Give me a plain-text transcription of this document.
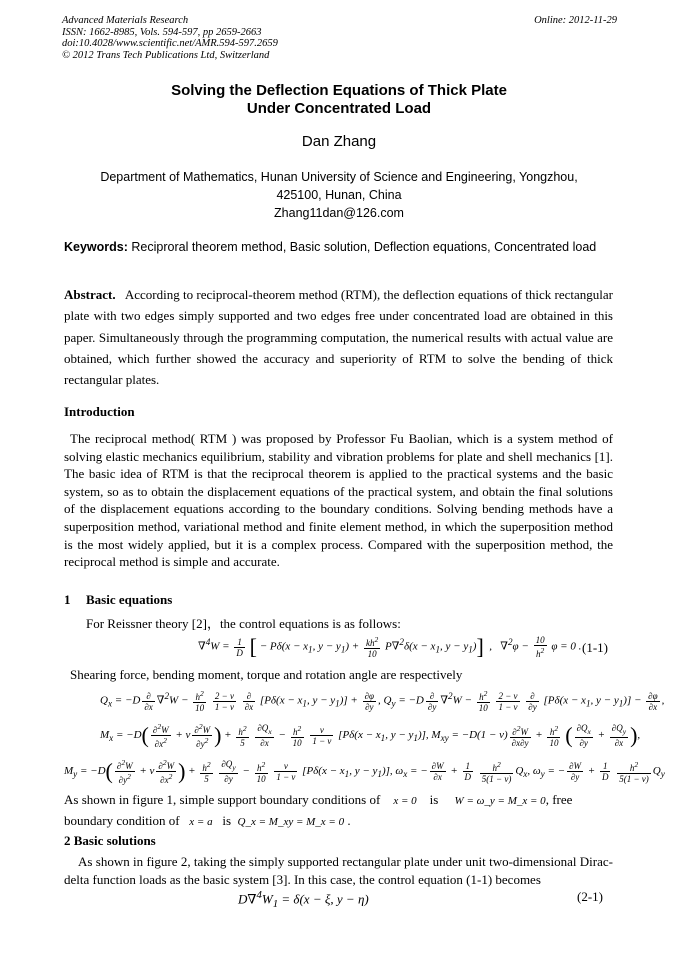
Advanced Materials Research
ISSN: 1662-8985, Vols. 594-597, pp 2659-2663
doi:10.4028/www.scientific.net/AMR.594-597.2659
© 2012 Trans Tech Publications Ltd, Switzerland
Online: 2012-11-29
Solving the Deflection Equations of Thick Plate
Under Concentrated Load
Dan Zhang
Department of Mathematics, Hunan University of Science and Engineering, Yongzhou,
425100, Hunan, China
Zhang11dan@126.com
Keywords: Reciproral theorem method, Basic solution, Deflection equations, Concentrated load
Abstract. According to reciprocal-theorem method (RTM), the deflection equations of thick rectangular plate with two edges simply supported and two edges free under concentrated load are obtained in this paper. Simultaneously through the programming computation, the numerical results with actual value are obtained, which further showed the accuracy and superiority of RTM to solve the bending of thick rectangular plates.
Introduction
The reciprocal method( RTM ) was proposed by Professor Fu Baolian, which is a system method of solving elastic mechanics equilibrium, stability and vibration problems for plate and shell mechanics [1]. The basic idea of RTM is that the reciprocal theorem is applied to the practical systems and the basic system, so as to obtain the displacement equations of the practical system, and obtain the final solutions of the displacement equations according to the boundary conditions. Solving bending methods have a superposition method, variational method and finite element method, in which the superposition method is the most widely applied, but it is a complex process. Compared with the superposition method, the reciprocal method is simple and accurate.
1 Basic equations
For Reissner theory [2]，the control equations is as follows:
$\nabla^4W = \frac{1}{D}$ [ − $P\delta(x - x_1$, $y - y_1) + \frac{kh^2}{10} P\nabla^2\delta(x - x_1$, $y - y_1$)]  ,   $\nabla^2\varphi - \frac{10}{h^2}$ φ = 0 . (1-1)
Shearing force, bending moment, torque and rotation angle are respectively
$Q_x = -D \frac{\partial}{\partial x} \nabla^2W - \frac{h^2}{10}$
$\frac{2 - \nu}{1 - \nu}$
$\frac{\partial}{\partial x} [P\delta(x - x_1$, $y - y_1)] + \frac{\partial\varphi}{\partial y}$ , $Q_y = -D \frac{\partial}{\partial y} \nabla^2W - \frac{h^2}{10}$
$\frac{2 - \nu}{1 - \nu}$
$\frac{\partial}{\partial y} [P\delta(x - x_1$, $y - y_1)] - \frac{\partial\varphi}{\partial x}$ ,
$M_x = -D( \frac{\partial^2W}{\partial x^2} + \nu \frac{\partial^2W}{\partial y^2}$ ) + $\frac{h^2}{5}$
$\frac{\partial Q_x}{\partial x} - \frac{h^2}{10}$
$\frac{\nu}{1 - \nu} [P\delta(x - x_1$, $y - y_1$)], $M_{xy} = -D(1 - \nu) \frac{\partial^2W}{\partial x\partial y} + \frac{h^2}{10}$ ( $\frac{\partial Q_x}{\partial y} + \frac{\partial Q_y}{\partial x}$ ),
$M_y = -D( \frac{\partial^2W}{\partial y^2} + \nu \frac{\partial^2W}{\partial x^2}$ ) + $\frac{h^2}{5}$
$\frac{\partial Q_y}{\partial y} - \frac{h^2}{10}$
$\frac{\nu}{1 - \nu} [P\delta(x - x_1$, $y - y_1$)], $\omega_x$ = − $\frac{\partial W}{\partial x} + \frac{1}{D}$
$\frac{h^2}{5(1 - \nu)} Q_x$, $\omega_y$ = − $\frac{\partial W}{\partial y} + \frac{1}{D}$
$\frac{h^2}{5(1 - \nu)} Q_y$
As shown in figure 1, simple support boundary conditions of x = 0 is W = ω_y = M_x = 0, free
boundary condition of x = a is Q_x = M_xy = M_x = 0 .
2 Basic solutions
As shown in figure 2, taking the simply supported rectangular plate under unit two-dimensional Dirac-delta function loads as the basic system [3]. In this case, the control equation (1-1) becomes
$D\nabla^4W_1 = \delta(x - \xi$, y − η)	(2-1)
